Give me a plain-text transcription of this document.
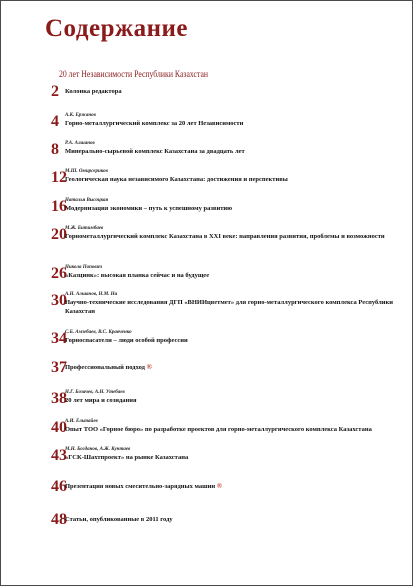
Содержание
20 лет Независимости Республики Казахстан
2 Колонка редактора
4 А.К. Ержанов
Горно-металлургический комплекс за 20 лет Независимости
8 Р.А. Алшанов
Минерально-сырьевой комплекс Казахстана за двадцать лет
12
М.Ш. Омирсериков
Геологическая наука независимого Казахстана: достижения и перспективы
16
Наталья Высоцкая
Модернизация экономики – путь к успешному развитию
20
М.Ж. Битимбаев
Горнометаллургический комплекс Казахстана в XXI веке: направления развития, проблемы и возможности
26
Никола Попович
«Казцинк»: высокая планка сейчас и на будущее
30
А.Н. Алшанов, Н.М. Ни
Научно-технические исследования ДГП «ВНИИцветмет» для горно-металлургического комплекса Республики Казахстан
34
С.Б. Амзебаев, В.С. Кравченко
Горноспасатели – люди особой профессии
37
Профессиональный подход ®
38
Н.Г. Бозачев, А.Н. Утебаев
20 лет мира и созидания
40
А.И. Ельтайев
Опыт ТОО «Горное бюро» по разработке проектов для горно-металлургического комплекса Казахстана
43
М.Н. Богданов, А.Ж. Кунтаев
«ГСК-Шахтпроект» на рынке Казахстана
46
Презентация новых смесительно-зарядных машин ®
48
Статьи, опубликованные в 2011 году
